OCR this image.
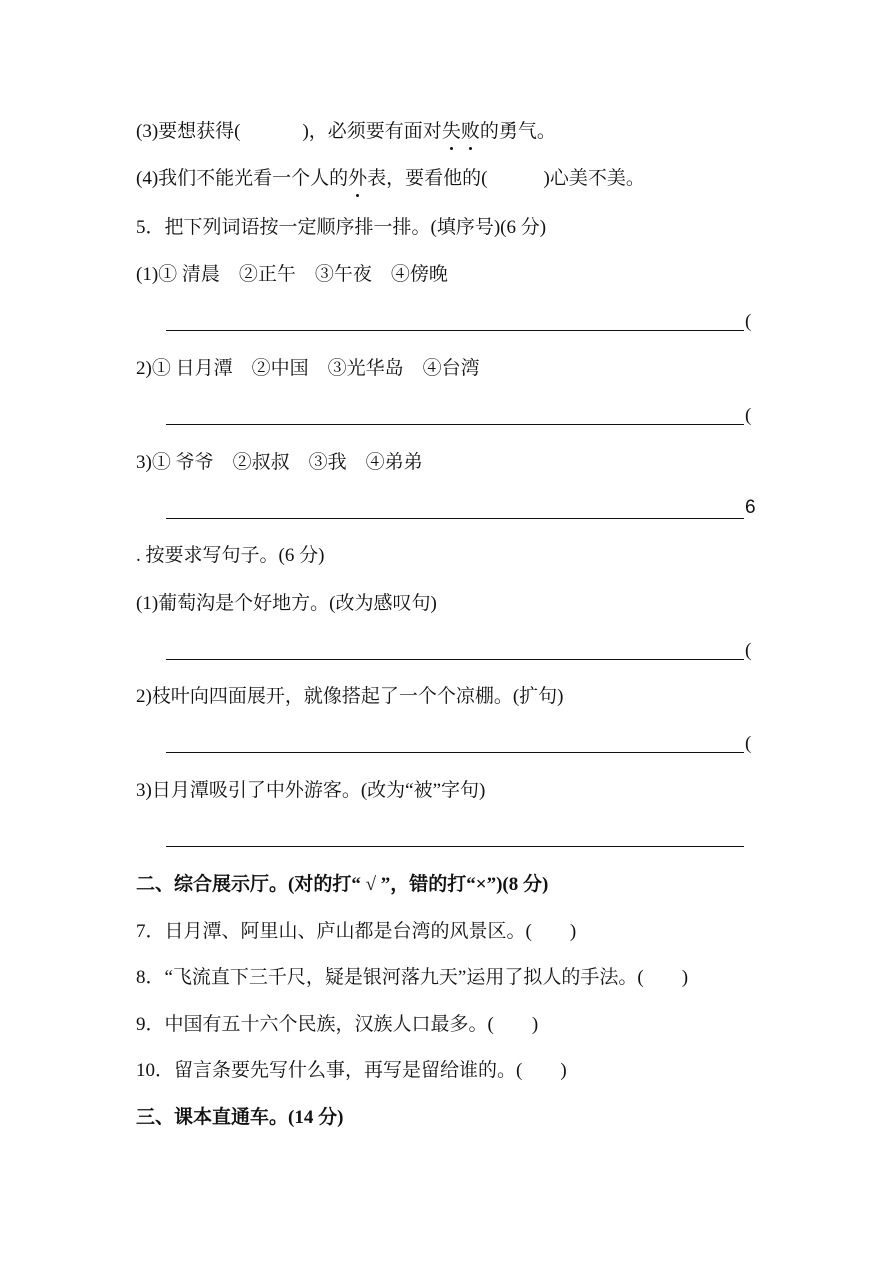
(3)要想获得(	)，必须要有面对失败的勇气。
(4)我们不能光看一个人的外表，要看他的(	)心美不美。
5．把下列词语按一定顺序排一排。(填序号)(6 分)
(1)① 清晨　②正午　③午夜　④傍晚
(
2)① 日月潭　②中国　③光华岛　④台湾
(
3)① 爷爷　②叔叔　③我　④弟弟
6
. 按要求写句子。(6 分)
(1)葡萄沟是个好地方。(改为感叹句)
(
2)枝叶向四面展开，就像搭起了一个个凉棚。(扩句)
(
3)日月潭吸引了中外游客。(改为“被”字句)
二、综合展示厅。(对的打“ √ ”，错的打“×”)(8 分)
7．日月潭、阿里山、庐山都是台湾的风景区。(　　)
8．“飞流直下三千尺，疑是银河落九天”运用了拟人的手法。(　　)
9．中国有五十六个民族，汉族人口最多。(　　)
10．留言条要先写什么事，再写是留给谁的。(　　)
三、课本直通车。(14 分)
